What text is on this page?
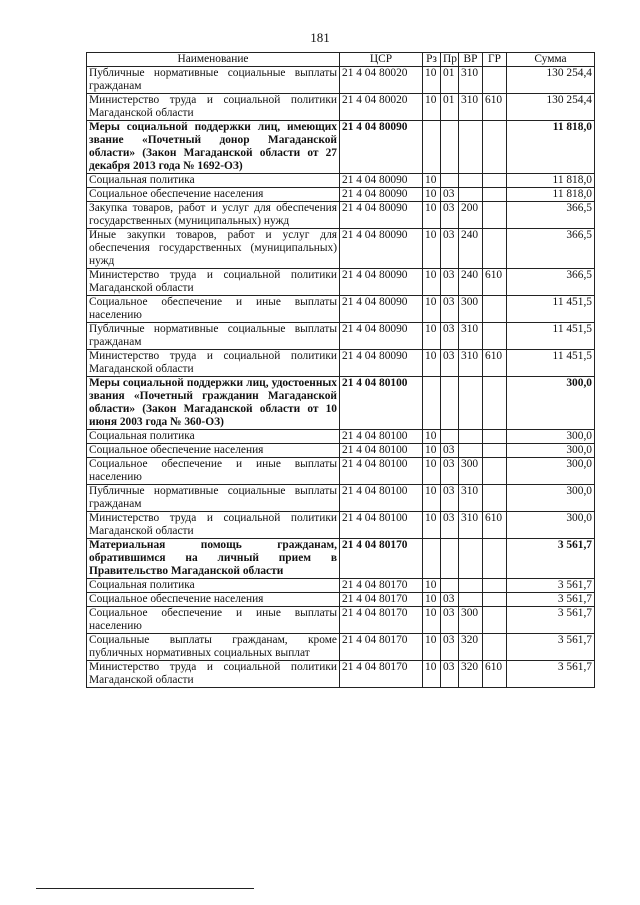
181
Наименование	ЦСР	Рз	Пр	ВР	ГР	Сумма
Публичные нормативные социальные выплаты гражданам	21 4 04 80020	10	01	310		130 254,4
Министерство труда и социальной политики Магаданской области	21 4 04 80020	10	01	310	610	130 254,4
Меры социальной поддержки лиц, имеющих звание «Почетный донор Магаданской области» (Закон Магаданской области от 27 декабря 2013 года № 1692-ОЗ)	21 4 04 80090					11 818,0
Социальная политика	21 4 04 80090	10				11 818,0
Социальное обеспечение населения	21 4 04 80090	10	03			11 818,0
Закупка товаров, работ и услуг для обеспечения государственных (муниципальных) нужд	21 4 04 80090	10	03	200		366,5
Иные закупки товаров, работ и услуг для обеспечения государственных (муниципальных) нужд	21 4 04 80090	10	03	240		366,5
Министерство труда и социальной политики Магаданской области	21 4 04 80090	10	03	240	610	366,5
Социальное обеспечение и иные выплаты населению	21 4 04 80090	10	03	300		11 451,5
Публичные нормативные социальные выплаты гражданам	21 4 04 80090	10	03	310		11 451,5
Министерство труда и социальной политики Магаданской области	21 4 04 80090	10	03	310	610	11 451,5
Меры социальной поддержки лиц, удостоенных звания «Почетный гражданин Магаданской области» (Закон Магаданской области от 10 июня 2003 года № 360-ОЗ)	21 4 04 80100					300,0
Социальная политика	21 4 04 80100	10				300,0
Социальное обеспечение населения	21 4 04 80100	10	03			300,0
Социальное обеспечение и иные выплаты населению	21 4 04 80100	10	03	300		300,0
Публичные нормативные социальные выплаты гражданам	21 4 04 80100	10	03	310		300,0
Министерство труда и социальной политики Магаданской области	21 4 04 80100	10	03	310	610	300,0
Материальная помощь гражданам, обратившимся на личный прием в Правительство Магаданской области	21 4 04 80170					3 561,7
Социальная политика	21 4 04 80170	10				3 561,7
Социальное обеспечение населения	21 4 04 80170	10	03			3 561,7
Социальное обеспечение и иные выплаты населению	21 4 04 80170	10	03	300		3 561,7
Социальные выплаты гражданам, кроме публичных нормативных социальных выплат	21 4 04 80170	10	03	320		3 561,7
Министерство труда и социальной политики Магаданской области	21 4 04 80170	10	03	320	610	3 561,7
